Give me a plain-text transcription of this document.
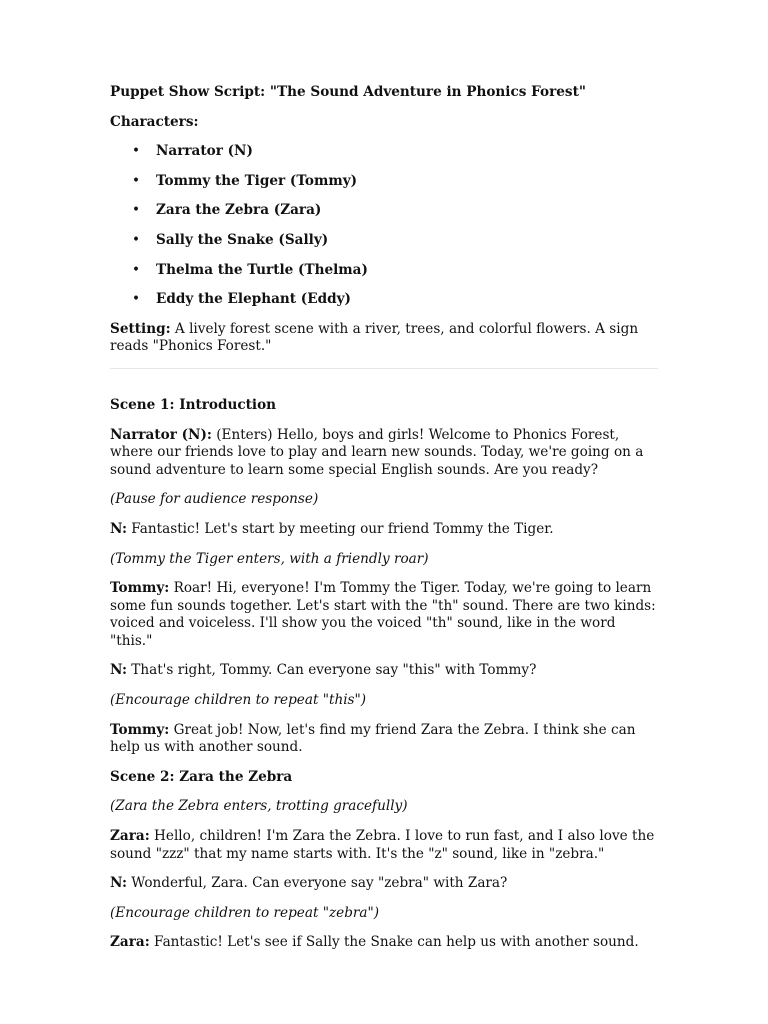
Puppet Show Script: "The Sound Adventure in Phonics Forest"

Characters:

• Narrator (N)
• Tommy the Tiger (Tommy)
• Zara the Zebra (Zara)
• Sally the Snake (Sally)
• Thelma the Turtle (Thelma)
• Eddy the Elephant (Eddy)

Setting: A lively forest scene with a river, trees, and colorful flowers. A sign reads "Phonics Forest."

Scene 1: Introduction

Narrator (N): (Enters) Hello, boys and girls! Welcome to Phonics Forest, where our friends love to play and learn new sounds. Today, we're going on a sound adventure to learn some special English sounds. Are you ready?

(Pause for audience response)

N: Fantastic! Let's start by meeting our friend Tommy the Tiger.

(Tommy the Tiger enters, with a friendly roar)

Tommy: Roar! Hi, everyone! I'm Tommy the Tiger. Today, we're going to learn some fun sounds together. Let's start with the "th" sound. There are two kinds: voiced and voiceless. I'll show you the voiced "th" sound, like in the word "this."

N: That's right, Tommy. Can everyone say "this" with Tommy?

(Encourage children to repeat "this")

Tommy: Great job! Now, let's find my friend Zara the Zebra. I think she can help us with another sound.

Scene 2: Zara the Zebra

(Zara the Zebra enters, trotting gracefully)

Zara: Hello, children! I'm Zara the Zebra. I love to run fast, and I also love the sound "zzz" that my name starts with. It's the "z" sound, like in "zebra."

N: Wonderful, Zara. Can everyone say "zebra" with Zara?

(Encourage children to repeat "zebra")

Zara: Fantastic! Let's see if Sally the Snake can help us with another sound.
